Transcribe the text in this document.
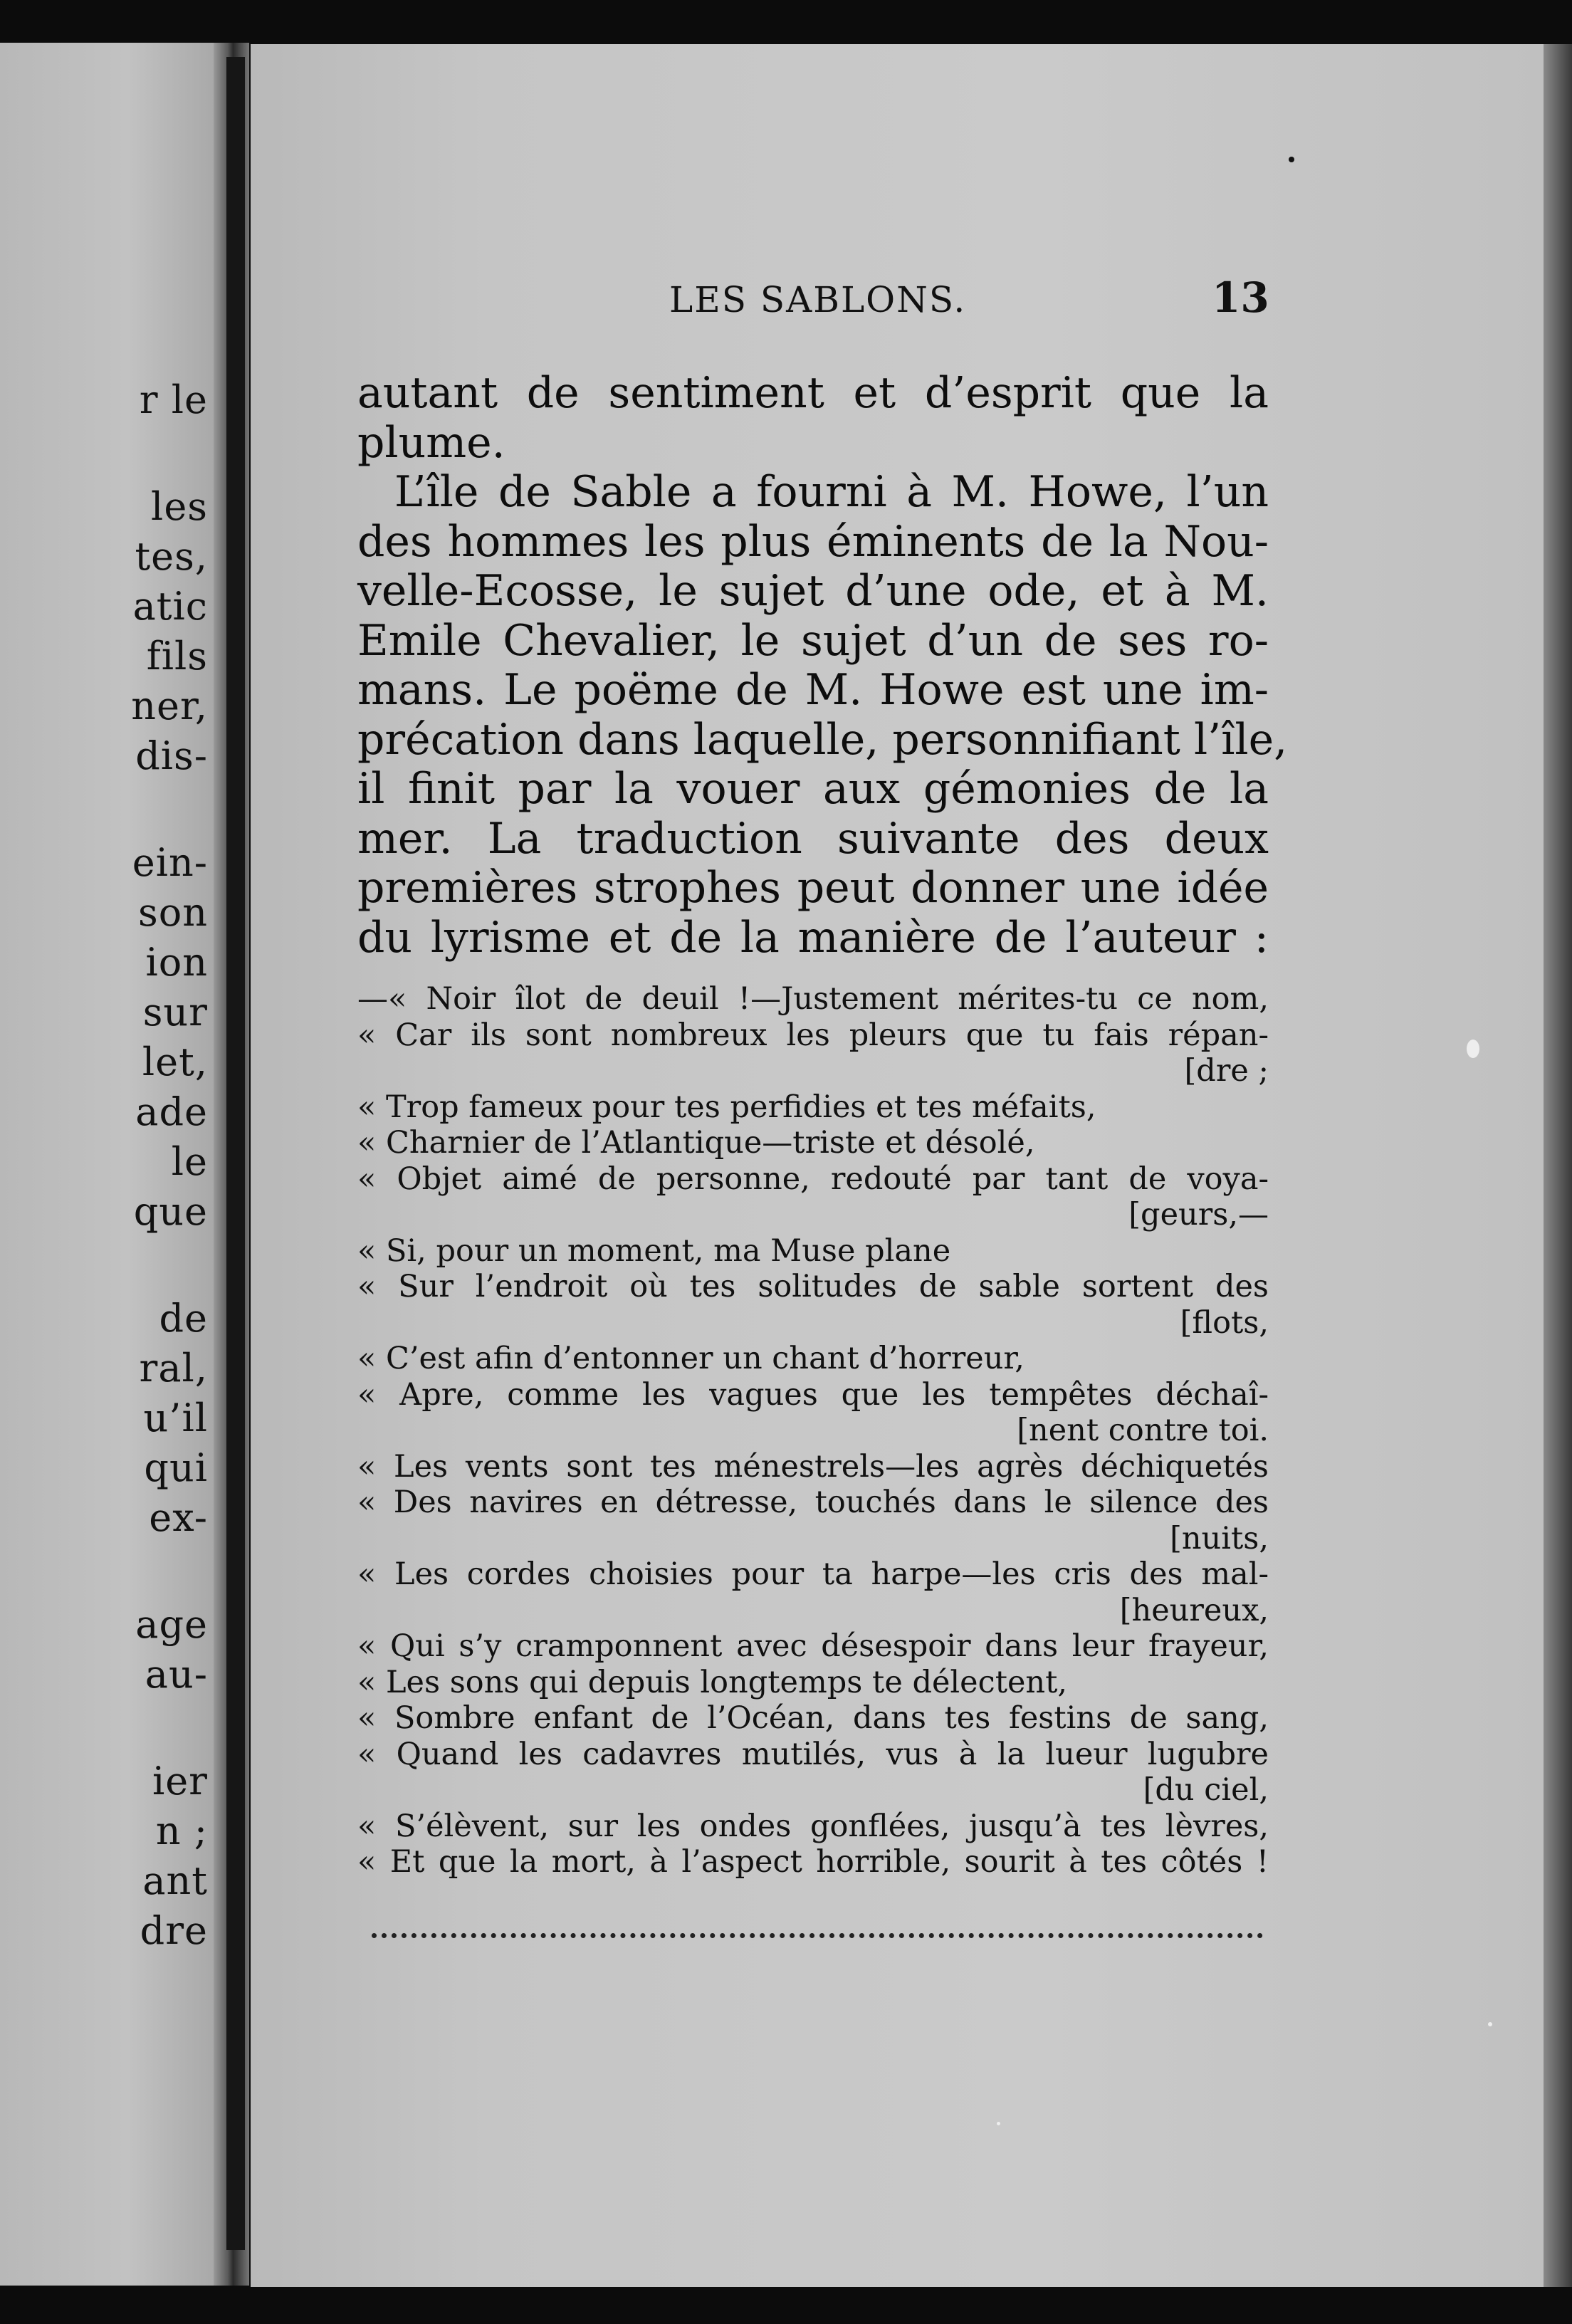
r le
les
tes,
atic
fils
ner,
dis-
ein-
son
ion
sur
let,
ade
le
que
de
ral,
u’il
qui
ex-
age
au-
ier
n ;
ant
dre
LES SABLONS.	13
autant de sentiment et d’esprit que la
plume.
L’île de Sable a fourni à M. Howe, l’un
des hommes les plus éminents de la Nou-
velle-Ecosse, le sujet d’une ode, et à M.
Emile Chevalier, le sujet d’un de ses ro-
mans. Le poëme de M. Howe est une im-
précation dans laquelle, personnifiant l’île,
il finit par la vouer aux gémonies de la
mer. La traduction suivante des deux
premières strophes peut donner une idée
du lyrisme et de la manière de l’auteur :
—« Noir îlot de deuil !—Justement mérites-tu ce nom,
« Car ils sont nombreux les pleurs que tu fais répan-
[dre ;
« Trop fameux pour tes perfidies et tes méfaits,
« Charnier de l’Atlantique—triste et désolé,
« Objet aimé de personne, redouté par tant de voya-
[geurs,—
« Si, pour un moment, ma Muse plane
« Sur l’endroit où tes solitudes de sable sortent des
[flots,
« C’est afin d’entonner un chant d’horreur,
« Apre, comme les vagues que les tempêtes déchaî-
[nent contre toi.
« Les vents sont tes ménestrels—les agrès déchiquetés
« Des navires en détresse, touchés dans le silence des
[nuits,
« Les cordes choisies pour ta harpe—les cris des mal-
[heureux,
« Qui s’y cramponnent avec désespoir dans leur frayeur,
« Les sons qui depuis longtemps te délectent,
« Sombre enfant de l’Océan, dans tes festins de sang,
« Quand les cadavres mutilés, vus à la lueur lugubre
[du ciel,
« S’élèvent, sur les ondes gonflées, jusqu’à tes lèvres,
« Et que la mort, à l’aspect horrible, sourit à tes côtés !
